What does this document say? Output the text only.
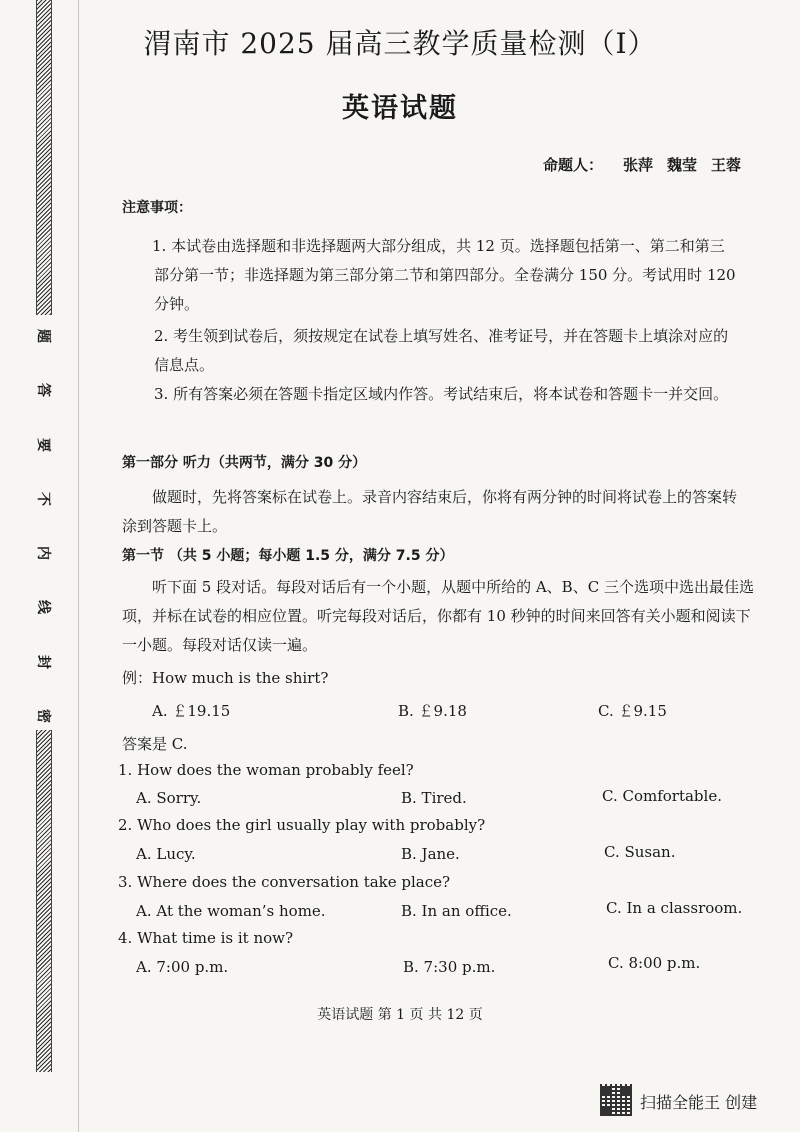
题
答
要
不
内
线
封
密
渭南市 2025 届高三教学质量检测（Ⅰ）
英语试题
命题人： 张萍 魏莹 王蓉
注意事项：
1. 本试卷由选择题和非选择题两大部分组成，共 12 页。选择题包括第一、第二和第三部分第一节；非选择题为第三部分第二节和第四部分。全卷满分 150 分。考试用时 120 分钟。
2. 考生领到试卷后，须按规定在试卷上填写姓名、准考证号，并在答题卡上填涂对应的信息点。
3. 所有答案必须在答题卡指定区域内作答。考试结束后，将本试卷和答题卡一并交回。
第一部分 听力（共两节，满分 30 分）
做题时，先将答案标在试卷上。录音内容结束后，你将有两分钟的时间将试卷上的答案转涂到答题卡上。
第一节 （共 5 小题；每小题 1.5 分，满分 7.5 分）
听下面 5 段对话。每段对话后有一个小题，从题中所给的 A、B、C 三个选项中选出最佳选项，并标在试卷的相应位置。听完每段对话后，你都有 10 秒钟的时间来回答有关小题和阅读下一小题。每段对话仅读一遍。
例：How much is the shirt?
A. ￡19.15	B. ￡9.18	C. ￡9.15
答案是 C.
1. How does the woman probably feel?
A. Sorry.	B. Tired.	C. Comfortable.
2. Who does the girl usually play with probably?
A. Lucy.	B. Jane.	C. Susan.
3. Where does the conversation take place?
A. At the woman’s home.	B. In an office.	C. In a classroom.
4. What time is it now?
A. 7:00 p.m.	B. 7:30 p.m.	C. 8:00 p.m.
英语试题 第 1 页 共 12 页
扫描全能王 创建
